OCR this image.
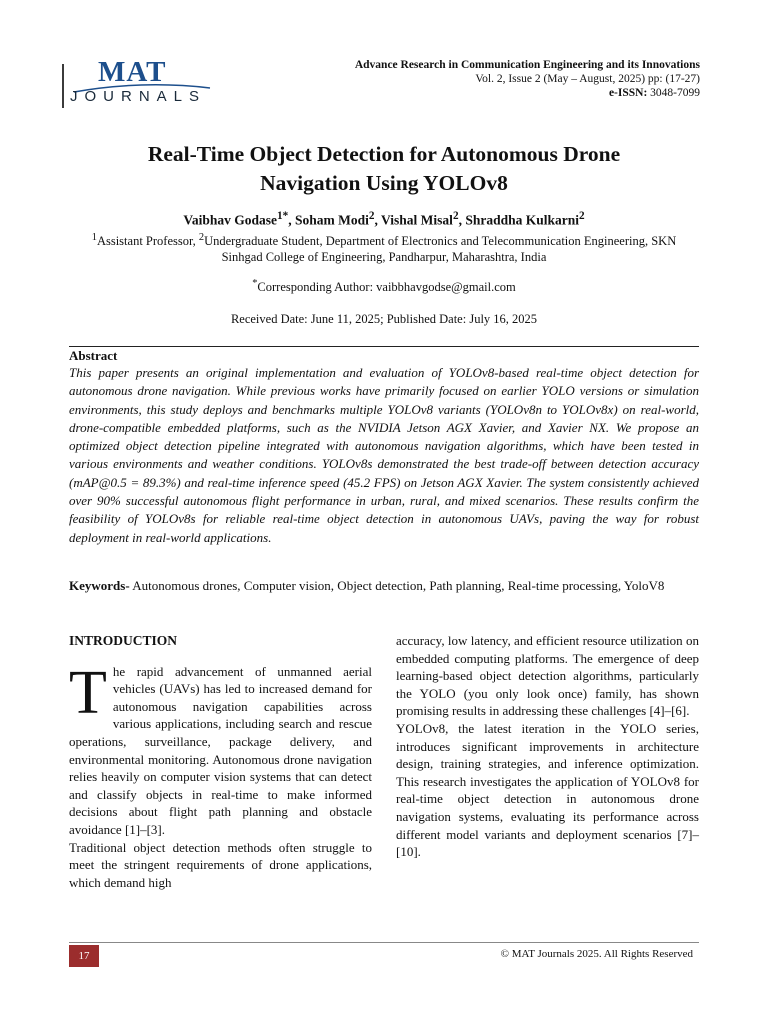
MAT
JOURNALS
Advance Research in Communication Engineering and its Innovations
Vol. 2, Issue 2 (May – August, 2025) pp: (17-27)
e-ISSN: 3048-7099
Real-Time Object Detection for Autonomous Drone
Navigation Using YOLOv8
Vaibhav Godase$^{1*}$, Soham Modi$^2$, Vishal Misal$^2$, Shraddha Kulkarni$^2$
$^1$Assistant Professor, $^2$Undergraduate Student, Department of Electronics and Telecommunication Engineering, SKN Sinhgad College of Engineering, Pandharpur, Maharashtra, India
*Corresponding Author: vaibbhavgodse@gmail.com
Received Date: June 11, 2025; Published Date: July 16, 2025
Abstract
This paper presents an original implementation and evaluation of YOLOv8-based real-time object detection for autonomous drone navigation. While previous works have primarily focused on earlier YOLO versions or simulation environments, this study deploys and benchmarks multiple YOLOv8 variants (YOLOv8n to YOLOv8x) on real-world, drone-compatible embedded platforms, such as the NVIDIA Jetson AGX Xavier, and Xavier NX. We propose an optimized object detection pipeline integrated with autonomous navigation algorithms, which have been tested in various environments and weather conditions. YOLOv8s demonstrated the best trade-off between detection accuracy (mAP@0.5 = 89.3%) and real-time inference speed (45.2 FPS) on Jetson AGX Xavier. The system consistently achieved over 90% successful autonomous flight performance in urban, rural, and mixed scenarios. These results confirm the feasibility of YOLOv8s for reliable real-time object detection in autonomous UAVs, paving the way for robust deployment in real-world applications.
Keywords- Autonomous drones, Computer vision, Object detection, Path planning, Real-time processing, YoloV8
INTRODUCTION

The rapid advancement of unmanned aerial vehicles (UAVs) has led to increased demand for autonomous navigation capabilities across various applications, including search and rescue operations, surveillance, package delivery, and environmental monitoring. Autonomous drone navigation relies heavily on computer vision systems that can detect and classify objects in real-time to make informed decisions about flight path planning and obstacle avoidance [1]–[3].

Traditional object detection methods often struggle to meet the stringent requirements of drone applications, which demand high

accuracy, low latency, and efficient resource utilization on embedded computing platforms. The emergence of deep learning-based object detection algorithms, particularly the YOLO (you only look once) family, has shown promising results in addressing these challenges [4]–[6].

YOLOv8, the latest iteration in the YOLO series, introduces significant improvements in architecture design, training strategies, and inference optimization. This research investigates the application of YOLOv8 for real-time object detection in autonomous drone navigation systems, evaluating its performance across different model variants and deployment scenarios [7]–[10].

17	© MAT Journals 2025. All Rights Reserved
